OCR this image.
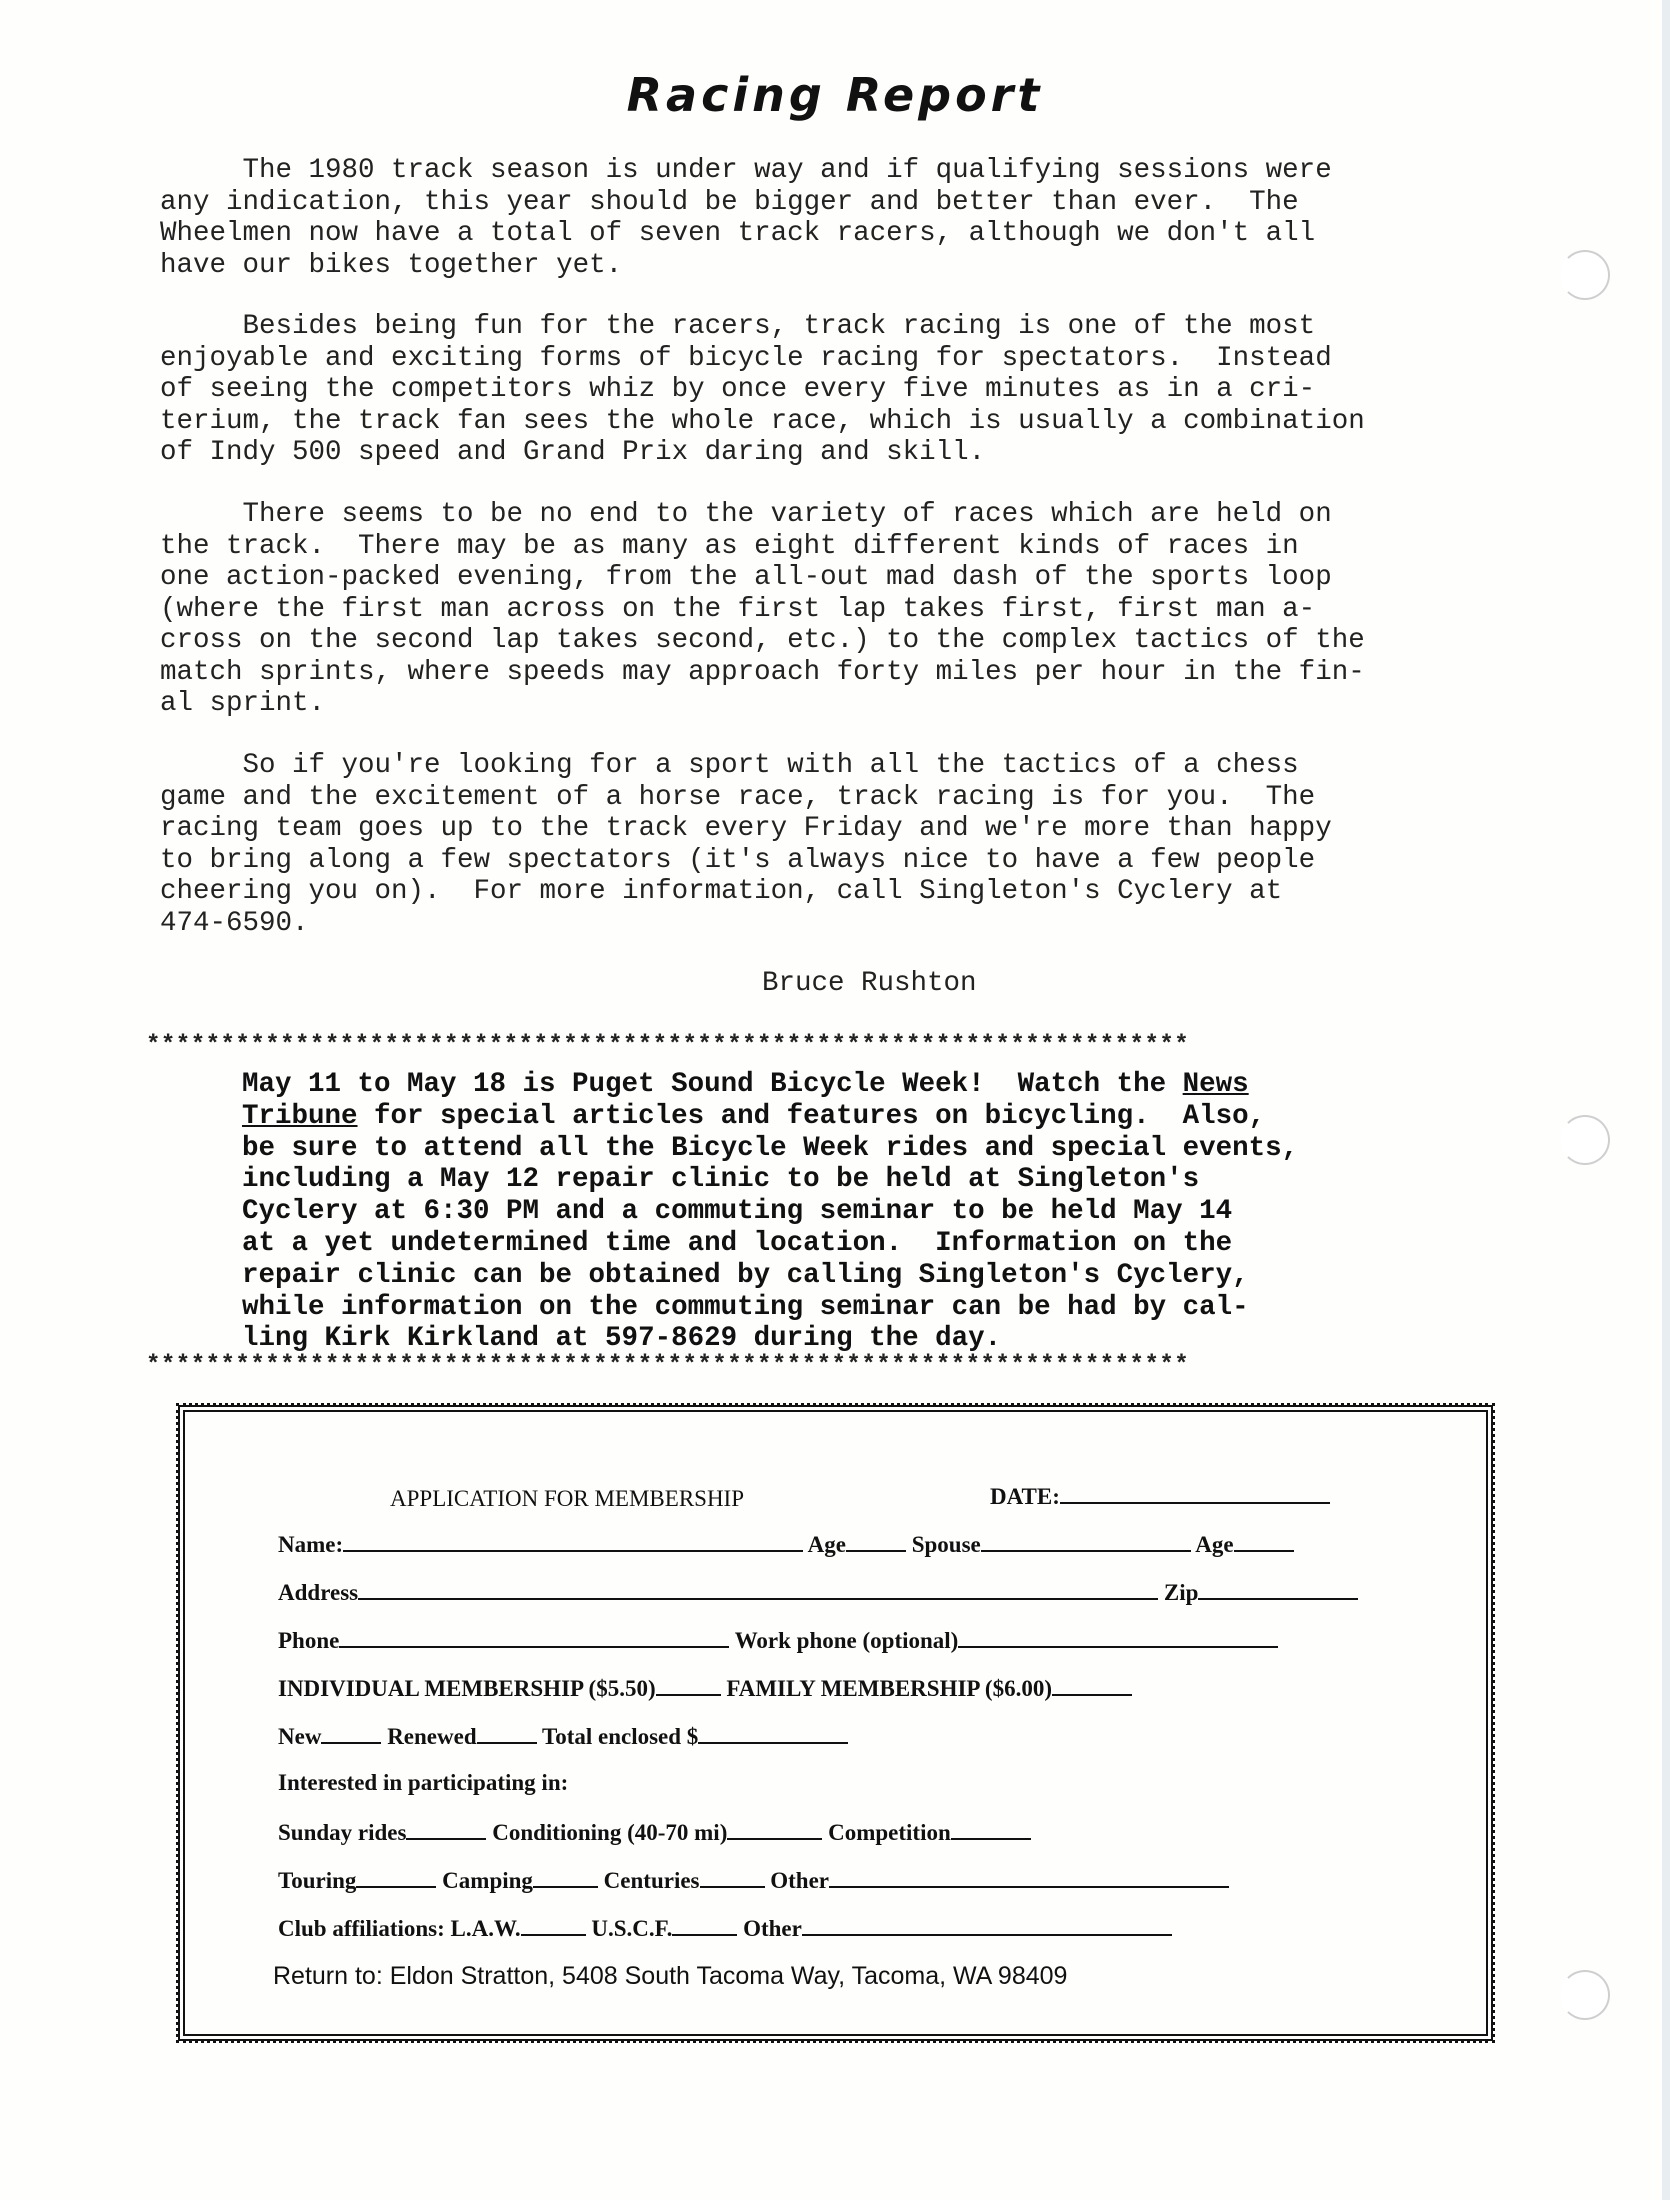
Racing Report
The 1980 track season is under way and if qualifying sessions were
any indication, this year should be bigger and better than ever.  The
Wheelmen now have a total of seven track racers, although we don't all
have our bikes together yet.
Besides being fun for the racers, track racing is one of the most
enjoyable and exciting forms of bicycle racing for spectators.  Instead
of seeing the competitors whiz by once every five minutes as in a cri-
terium, the track fan sees the whole race, which is usually a combination
of Indy 500 speed and Grand Prix daring and skill.
There seems to be no end to the variety of races which are held on
the track.  There may be as many as eight different kinds of races in
one action-packed evening, from the all-out mad dash of the sports loop
(where the first man across on the first lap takes first, first man a-
cross on the second lap takes second, etc.) to the complex tactics of the
match sprints, where speeds may approach forty miles per hour in the fin-
al sprint.
So if you're looking for a sport with all the tactics of a chess
game and the excitement of a horse race, track racing is for you.  The
racing team goes up to the track every Friday and we're more than happy
to bring along a few spectators (it's always nice to have a few people
cheering you on).  For more information, call Singleton's Cyclery at
474-6590.
Bruce Rushton
**********************************************************************
May 11 to May 18 is Puget Sound Bicycle Week!  Watch the News
Tribune for special articles and features on bicycling.  Also,
be sure to attend all the Bicycle Week rides and special events,
including a May 12 repair clinic to be held at Singleton's
Cyclery at 6:30 PM and a commuting seminar to be held May 14
at a yet undetermined time and location.  Information on the
repair clinic can be obtained by calling Singleton's Cyclery,
while information on the commuting seminar can be had by cal-
ling Kirk Kirkland at 597-8629 during the day.
**********************************************************************
APPLICATION FOR MEMBERSHIP	DATE:
Name:	Age	Spouse	Age
Address	Zip
Phone	Work phone (optional)
INDIVIDUAL MEMBERSHIP ($5.50)	FAMILY MEMBERSHIP ($6.00)
New	Renewed	Total enclosed $
Interested in participating in:
Sunday rides	Conditioning (40-70 mi)	Competition
Touring	Camping	Centuries	Other
Club affiliations: L.A.W.	U.S.C.F.	Other
Return to: Eldon Stratton, 5408 South Tacoma Way, Tacoma, WA 98409
